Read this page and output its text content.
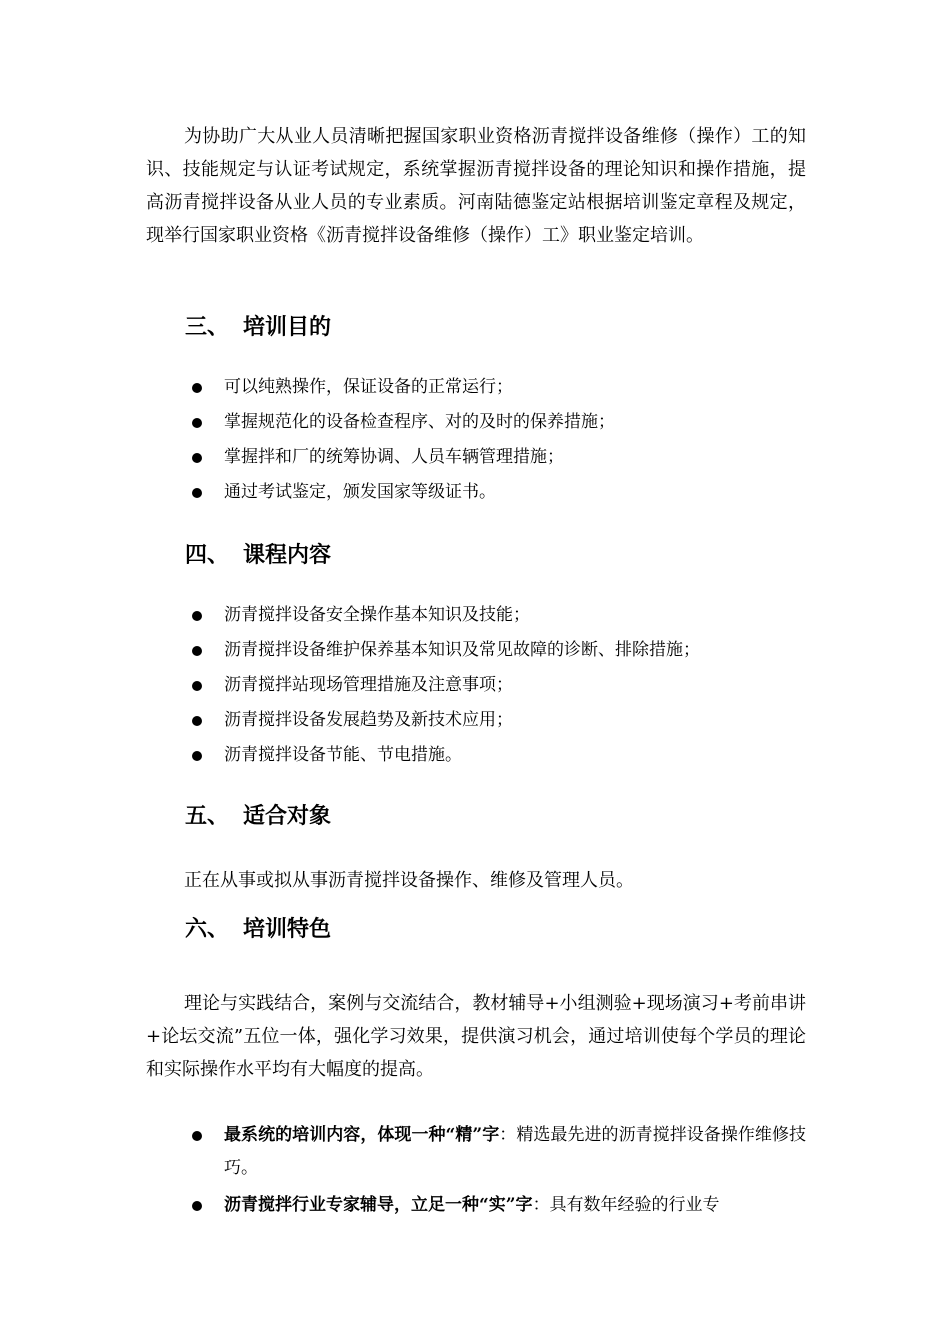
为协助广大从业人员清晰把握国家职业资格沥青搅拌设备维修（操作）工的知识、技能规定与认证考试规定，系统掌握沥青搅拌设备的理论知识和操作措施，提高沥青搅拌设备从业人员的专业素质。河南陆德鉴定站根据培训鉴定章程及规定，现举行国家职业资格《沥青搅拌设备维修（操作）工》职业鉴定培训。

三、 培训目的
可以纯熟操作，保证设备的正常运行；
掌握规范化的设备检查程序、对的及时的保养措施；
掌握拌和厂的统筹协调、人员车辆管理措施；
通过考试鉴定，颁发国家等级证书。
四、 课程内容
沥青搅拌设备安全操作基本知识及技能；
沥青搅拌设备维护保养基本知识及常见故障的诊断、排除措施；
沥青搅拌站现场管理措施及注意事项；
沥青搅拌设备发展趋势及新技术应用；
沥青搅拌设备节能、节电措施。
五、 适合对象

正在从事或拟从事沥青搅拌设备操作、维修及管理人员。

六、 培训特色

理论与实践结合，案例与交流结合，教材辅导+小组测验+现场演习+考前串讲+论坛交流”五位一体，强化学习效果，提供演习机会，通过培训使每个学员的理论和实际操作水平均有大幅度的提高。

最系统的培训内容，体现一种“精”字：精选最先进的沥青搅拌设备操作维修技巧。
沥青搅拌行业专家辅导，立足一种“实”字：具有数年经验的行业专
